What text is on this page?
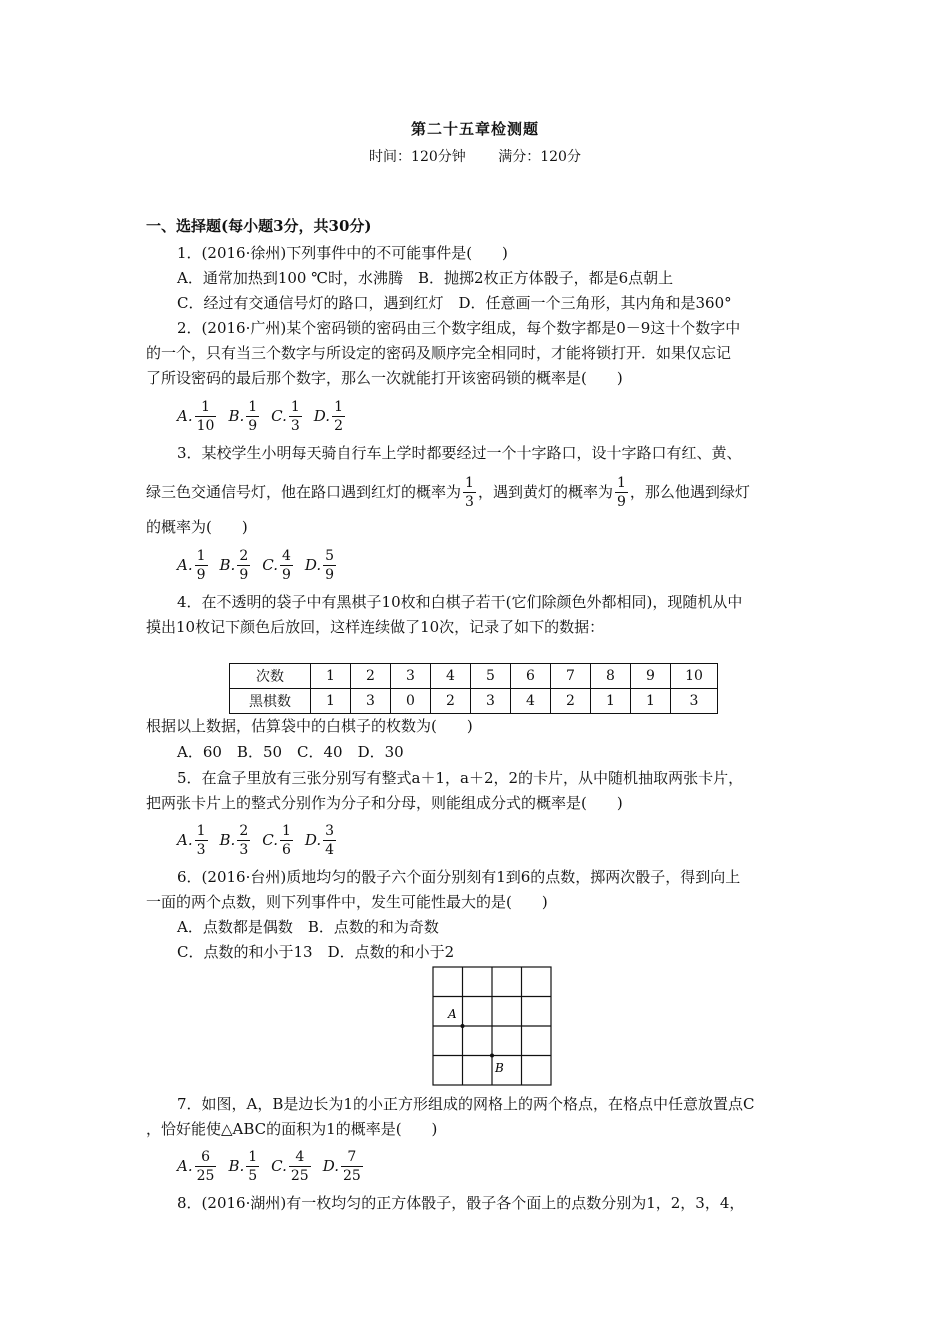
第二十五章检测题
时间：120分钟 满分：120分
一、选择题(每小题3分，共30分)
1．(2016·徐州)下列事件中的不可能事件是(　　)
A．通常加热到100 ℃时，水沸腾　B．抛掷2枚正方体骰子，都是6点朝上
C．经过有交通信号灯的路口，遇到红灯　D．任意画一个三角形，其内角和是360°
2．(2016·广州)某个密码锁的密码由三个数字组成，每个数字都是0－9这十个数字中
的一个，只有当三个数字与所设定的密码及顺序完全相同时，才能将锁打开．如果仅忘记
了所设密码的最后那个数字，那么一次就能打开该密码锁的概率是(　　)
A. $\frac{1}{10} B$. $\frac{1}{9} C$. $\frac{1}{3} D$. $\frac{1}{2}$
3．某校学生小明每天骑自行车上学时都要经过一个十字路口，设十字路口有红、黄、
绿三色交通信号灯，他在路口遇到红灯的概率为 $\frac{1}{3}$ ，遇到黄灯的概率为 $\frac{1}{9}$ ，那么他遇到绿灯
的概率为(　　)
A. $\frac{1}{9} B$. $\frac{2}{9} C$. $\frac{4}{9} D$. $\frac{5}{9}$
4．在不透明的袋子中有黑棋子10枚和白棋子若干(它们除颜色外都相同)，现随机从中
摸出10枚记下颜色后放回，这样连续做了10次，记录了如下的数据：
次数	1	2	3	4	5	6	7	8	9	10
黑棋数	1	3	0	2	3	4	2	1	1	3
根据以上数据，估算袋中的白棋子的枚数为(　　)
A．60　B．50　C．40　D．30
5．在盒子里放有三张分别写有整式a＋1，a＋2，2的卡片，从中随机抽取两张卡片，
把两张卡片上的整式分别作为分子和分母，则能组成分式的概率是(　　)
A. $\frac{1}{3} B$. $\frac{2}{3} C$. $\frac{1}{6} D$. $\frac{3}{4}$
6．(2016·台州)质地均匀的骰子六个面分别刻有1到6的点数，掷两次骰子，得到向上
一面的两个点数，则下列事件中，发生可能性最大的是(　　)
A．点数都是偶数　B．点数的和为奇数
C．点数的和小于13　D．点数的和小于2
A
B
7．如图，A，B是边长为1的小正方形组成的网格上的两个格点，在格点中任意放置点C
，恰好能使△ABC的面积为1的概率是(　　)
A. $\frac{6}{25} B$. $\frac{1}{5} C$. $\frac{4}{25} D$. $\frac{7}{25}$
8．(2016·湖州)有一枚均匀的正方体骰子，骰子各个面上的点数分别为1，2，3，4，
